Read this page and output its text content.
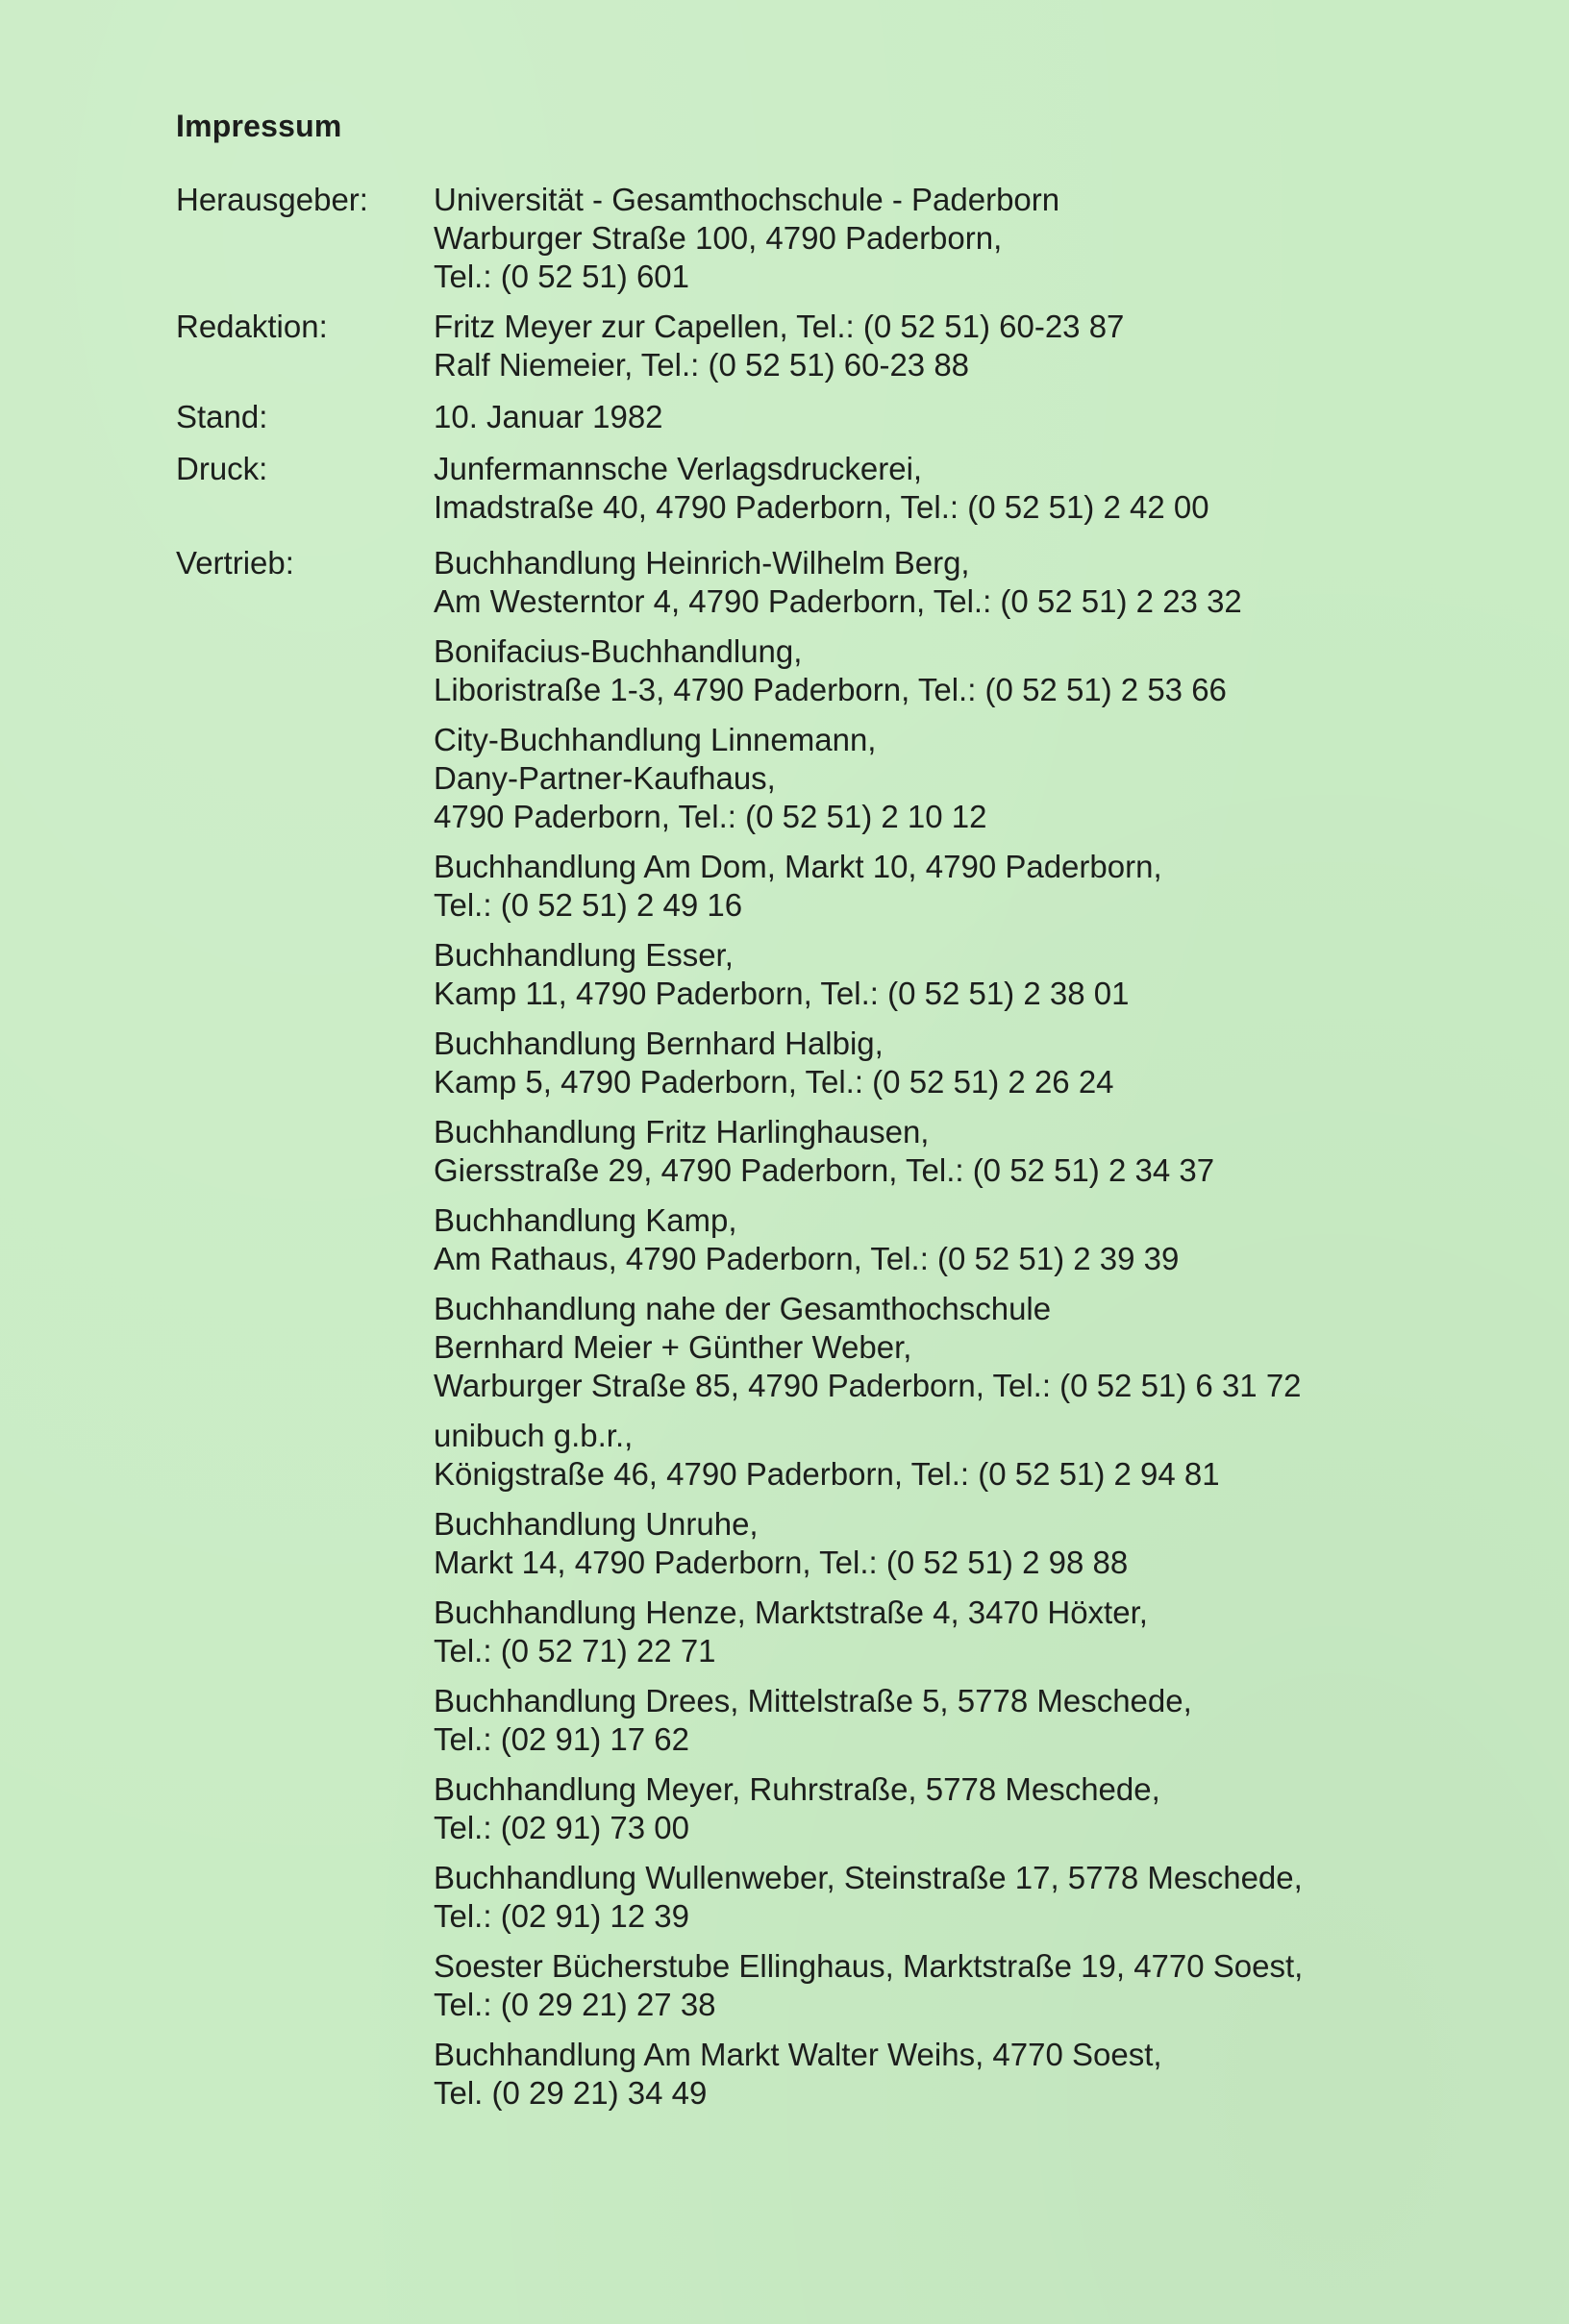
Impressum
Herausgeber: Universität - Gesamthochschule - Paderborn
Warburger Straße 100, 4790 Paderborn,
Tel.: (0 52 51) 601
Redaktion:	Fritz Meyer zur Capellen, Tel.: (0 52 51) 60-23 87
Ralf Niemeier, Tel.: (0 52 51) 60-23 88
Stand:	10. Januar 1982
Druck:	Junfermannsche Verlagsdruckerei,
Imadstraße 40, 4790 Paderborn, Tel.: (0 52 51) 2 42 00
Vertrieb:	Buchhandlung Heinrich-Wilhelm Berg,
Am Westerntor 4, 4790 Paderborn, Tel.: (0 52 51) 2 23 32
Bonifacius-Buchhandlung,
Liboristraße 1-3, 4790 Paderborn, Tel.: (0 52 51) 2 53 66
City-Buchhandlung Linnemann,
Dany-Partner-Kaufhaus,
4790 Paderborn, Tel.: (0 52 51) 2 10 12
Buchhandlung Am Dom, Markt 10, 4790 Paderborn,
Tel.: (0 52 51) 2 49 16
Buchhandlung Esser,
Kamp 11, 4790 Paderborn, Tel.: (0 52 51) 2 38 01
Buchhandlung Bernhard Halbig,
Kamp 5, 4790 Paderborn, Tel.: (0 52 51) 2 26 24
Buchhandlung Fritz Harlinghausen,
Giersstraße 29, 4790 Paderborn, Tel.: (0 52 51) 2 34 37
Buchhandlung Kamp,
Am Rathaus, 4790 Paderborn, Tel.: (0 52 51) 2 39 39
Buchhandlung nahe der Gesamthochschule
Bernhard Meier + Günther Weber,
Warburger Straße 85, 4790 Paderborn, Tel.: (0 52 51) 6 31 72
unibuch g.b.r.,
Königstraße 46, 4790 Paderborn, Tel.: (0 52 51) 2 94 81
Buchhandlung Unruhe,
Markt 14, 4790 Paderborn, Tel.: (0 52 51) 2 98 88
Buchhandlung Henze, Marktstraße 4, 3470 Höxter,
Tel.: (0 52 71) 22 71
Buchhandlung Drees, Mittelstraße 5, 5778 Meschede,
Tel.: (02 91) 17 62
Buchhandlung Meyer, Ruhrstraße, 5778 Meschede,
Tel.: (02 91) 73 00
Buchhandlung Wullenweber, Steinstraße 17, 5778 Meschede,
Tel.: (02 91) 12 39
Soester Bücherstube Ellinghaus, Marktstraße 19, 4770 Soest,
Tel.: (0 29 21) 27 38
Buchhandlung Am Markt Walter Weihs, 4770 Soest,
Tel. (0 29 21) 34 49
